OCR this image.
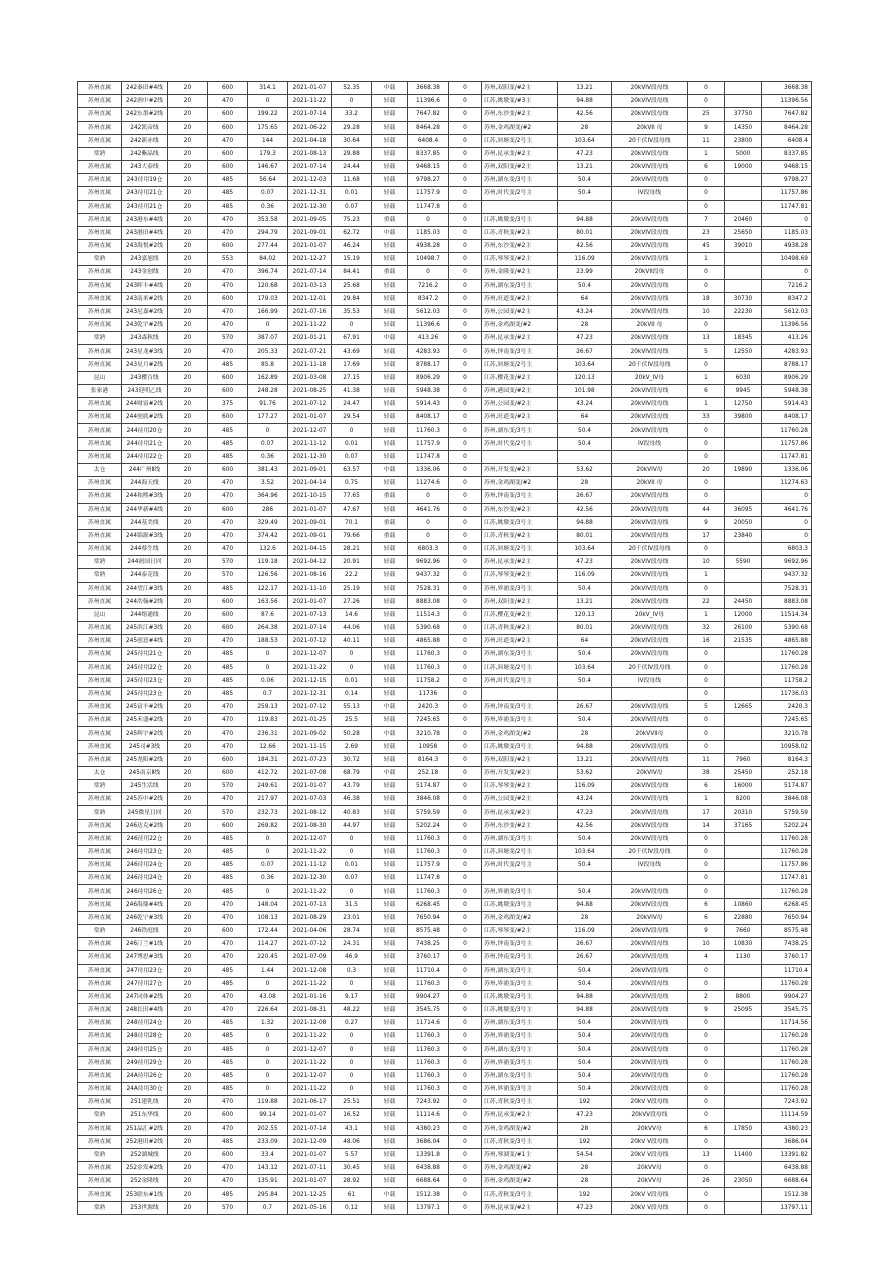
苏州直属	242秦田#4线	20	600	314.1	2021-01-07	52.35	中载	3668.38	0	苏州,双阳变/#2主	13.21	20kVIV段母线	0		3668.38
苏州直属	242润中#2线	20	470	0	2021-11-22	0	轻载	11396.6	0	江苏,姚墩变/#3主	94.88	20kVIV段母线	0		11396.56
苏州直属	242东墨#2线	20	600	199.22	2021-07-14	33.2	轻载	7647.82	0	苏州,东沙变/#2主	42.56	20kVIV段母线	25	37750	7647.82
苏州直属	242凯帝线	20	600	175.65	2021-06-22	29.28	轻载	8464.28	0	苏州,金鸡湖变/#2	28	20kVII 母	9	14350	8464.28
苏州直属	242新赤线	20	470	144	2021-04-18	30.64	轻载	6408.4	0	江苏,斜塘变/2号主	103.64	20千伏IV段母线	11	23800	6408.4
常熟	242紫晶线	20	600	179.3	2021-08-13	29.88	轻载	8337.85	0	苏州,昆承变/#2主	47.23	20kVIV段母线	1	5000	8337.85
苏州直属	243大泰线	20	600	146.67	2021-07-14	24.44	轻载	9468.15	0	苏州,双阳变/#2主	13.21	20kVIV段母线	6	19000	9468.15
苏州直属	243待用19仓	20	485	56.64	2021-12-03	11.68	轻载	9798.27	0	苏州,湖东变/3号主	50.4	20kVIV段母线	0		9798.27
苏州直属	243待用21仓	20	485	0.07	2021-12-31	0.01	轻载	11757.9	0	苏州,时代变/2号主	50.4	IV段母线	0		11757.86
苏州直属	243待用21仓	20	485	0.36	2021-12-30	0.07	轻载	11747.8	0				0		11747.81
苏州直属	243港东#4线	20	470	353.58	2021-09-05	75.23	重载	0	0	江苏,姚墩变/3号主	94.88	20kVIV段母线	7	20460	0
苏州直属	243港田#4线	20	470	294.79	2021-09-01	62.72	中载	1185.03	0	江苏,青秋变/#2主	80.01	20kVIV段母线	23	25650	1185.03
苏州直属	243海悦#2线	20	600	277.44	2021-01-07	46.24	轻载	4938.28	0	苏州,东沙变/#2主	42.56	20kVIV段母线	45	39010	4938.28
常熟	243嘉旭线	20	553	84.02	2021-12-27	15.19	轻载	10498.7	0	江苏,琴琴变/#2主	116.09	20kVIV段母线	1		10498.69
苏州直属	243金创线	20	470	396.74	2021-07-14	84.41	重载	0	0	苏州,金隆变/#2主	23.99	20kVII段母	0		0
苏州直属	243晖丰#4线	20	470	120.68	2021-03-13	25.68	轻载	7216.2	0	苏州,湖东变/3号主	50.4	20kVIV段母线	0		7216.2
苏州直属	243南米#2线	20	600	179.03	2021-12-01	29.84	轻载	8347.2	0	苏州,旺道变/#2主	64	20kVIV段母线	18	30730	8347.2
苏州直属	243尼嘉#2线	20	470	166.99	2021-07-16	35.53	轻载	5612.03	0	苏州,公园变/#2主	43.24	20kVIV段母线	10	22230	5612.03
苏州直属	243乾宇#2线	20	470	0	2021-11-22	0	轻载	11396.6	0	苏州,金鸡湖变/#2	28	20kVII 母	0		11396.56
常熟	243森秋线	20	570	387.07	2021-01-21	67.91	中载	413.26	0	苏州,昆承变/#2主	47.23	20kVIV段母线	13	18345	413.26
苏州直属	243星龙#3线	20	470	205.33	2021-07-21	43.69	轻载	4283.93	0	苏州,钟南变/3号主	26.67	20kVIV段母线	5	12550	4283.93
苏州直属	243星月#2线	20	485	85.8	2021-11-18	17.69	轻载	8788.17	0	江苏,斜塘变/2号主	103.64	20千伏IV段母线	0		8788.17
昆山	243樱百线	20	600	162.89	2021-03-08	27.15	轻载	8906.29	0	江苏,樱花变/#2主	120.13	20kV_IV母	1	6030	8906.29
张家港	243迎明乙线	20	600	248.28	2021-08-25	41.38	轻载	5948.38	0	苏州,港园变/#2主	101.98	20kVIV段母线	6	9945	5948.38
苏州直属	244财富#2线	20	375	91.76	2021-07-12	24.47	轻载	5914.43	0	苏州,公园变/#2主	43.24	20kVIV段母线	1	12750	5914.43
苏州直属	244创底#2线	20	600	177.27	2021-01-07	29.54	轻载	8408.17	0	苏州,旺道变/#2主	64	20kVIV段母线	33	39800	8408.17
苏州直属	244待用20仓	20	485	0	2021-12-07	0	轻载	11760.3	0	苏州,湖东变/3号主	50.4	20kVIV段母线	0		11760.28
苏州直属	244待用21仓	20	485	0.07	2021-11-12	0.01	轻载	11757.9	0	苏州,时代变/2号主	50.4	IV段母线	0		11757.86
苏州直属	244待用22仓	20	485	0.36	2021-12-30	0.07	轻载	11747.8	0				0		11747.81
太仓	244广州Ⅱ线	20	600	381.43	2021-09-01	63.57	中载	1336.06	0	苏州,开发变/#2主	53.62	20kVIV母	20	19890	1336.06
苏州直属	244海天线	20	470	3.52	2021-04-14	0.75	轻载	11274.6	0	苏州,金鸡湖变/#2	28	20kVII 母	0		11274.63
苏州直属	244和熙#3线	20	470	364.96	2021-10-15	77.65	重载	0	0	苏州,钟南变/3号主	26.67	20kVIV段母线	0		0
苏州直属	244华新#4线	20	600	286	2021-01-07	47.67	轻载	4641.76	0	苏州,东沙变/#2主	42.56	20kVIV段母线	44	36095	4641.76
苏州直属	244基美线	20	470	329.49	2021-09-01	70.1	重载	0	0	江苏,姚墩变/3号主	94.88	20kVIV段母线	9	20050	0
苏州直属	244锦源#3线	20	470	374.42	2021-09-01	79.66	重载	0	0	江苏,青秋变/#2主	80.01	20kVIV段母线	17	23840	0
苏州直属	244蔡生线	20	470	132.6	2021-04-15	28.21	轻载	6803.3	0	江苏,斜塘变/2号主	103.64	20千伏IV段母线	0		6803.3
常熟	244润国日回	20	570	119.18	2021-04-12	20.91	轻载	9692.96	0	苏州,昆承变/#2主	47.23	20kVIV段母线	10	5590	9692.96
常熟	244泰克线	20	570	126.56	2021-08-16	22.2	轻载	9437.32	0	江苏,琴琴变/#2主	116.09	20kVIV段母线	1		9437.32
苏州直属	244望江#3线	20	485	122.17	2021-11-10	25.19	轻载	7528.31	0	苏州,界浦变/3号主	50.4	20kVIV段母线	0		7528.31
苏州直属	244浩翰#2线	20	600	163.56	2021-01-07	27.26	轻载	8883.08	0	苏州,双阳变/#2主	13.21	20kVIV段母线	22	24450	8883.08
昆山	244熔通线	20	600	87.6	2021-07-13	14.6	轻载	11514.3	0	江苏,樱花变/#2主	120.13	20kV_IV母	1	12000	11514.34
苏州直属	245滨江#3线	20	600	264.38	2021-07-14	44.06	轻载	5390.68	0	江苏,青秋变/#2主	80.01	20kVIV段母线	32	26100	5390.68
苏州直属	245创意#4线	20	470	188.53	2021-07-12	40.11	轻载	4865.88	0	苏州,旺道变/#2主	64	20kVIV段母线	16	21535	4865.88
苏州直属	245待用21仓	20	485	0	2021-12-07	0	轻载	11760.3	0	苏州,湖东变/3号主	50.4	20kVIV段母线	0		11760.28
苏州直属	245待用22仓	20	485	0	2021-11-22	0	轻载	11760.3	0	江苏,斜塘变/2号主	103.64	20千伏IV段母线	0		11760.28
苏州直属	245待用23仓	20	485	0.06	2021-12-15	0.01	轻载	11758.2	0	苏州,时代变/2号主	50.4	IV段母线	0		11758.2
苏州直属	245待用23仓	20	485	0.7	2021-12-31	0.14	轻载	11736	0				0		11736.03
苏州直属	245富丰#2线	20	470	259.13	2021-07-12	55.13	中载	2420.3	0	苏州,钟南变/3号主	26.67	20kVIV段母线	5	12665	2420.3
苏州直属	245禾盛#2线	20	470	119.83	2021-01-25	25.5	轻载	7245.65	0	苏州,界浦变/3号主	50.4	20kVIV段母线	0		7245.65
苏州直属	245辉宇#2线	20	470	236.31	2021-09-02	50.28	中载	3210.78	0	苏州,金鸡湖变/#2	28	20kVVII母	0		3210.78
苏州直属	245司#3线	20	470	12.66	2021-11-15	2.69	轻载	10958	0	江苏,姚墩变/3号主	94.88	20kVIV段母线	0		10958.02
苏州直属	245尧阳#2线	20	600	184.31	2021-07-23	30.72	轻载	8164.3	0	苏州,双阳变/#2主	13.21	20kVIV段母线	11	7960	8164.3
太仓	245南京Ⅱ线	20	600	412.72	2021-07-08	68.79	中载	252.18	0	苏州,开发变/#2主	53.62	20kVIV母	38	25450	252.18
常熟	245生活线	20	570	249.61	2021-01-07	43.79	轻载	5174.87	0	江苏,琴琴变/#2主	116.09	20kVIV段母线	6	16000	5174.87
苏州直属	245苏中#2线	20	470	217.97	2021-07-03	46.38	轻载	3846.08	0	苏州,公园变/#2主	43.24	20kVIV段母线	1	8200	3846.08
常熟	245微星日回	20	570	232.73	2021-08-12	40.83	轻载	5759.59	0	苏州,昆承变/#2主	47.23	20kVIV段母线	17	20310	5759.59
苏州直属	246达克#2线	20	600	269.82	2021-08-30	44.97	轻载	5202.24	0	苏州,东沙变/#2主	42.56	20kVIV段母线	14	37165	5202.24
苏州直属	246待用22仓	20	485	0	2021-12-07	0	轻载	11760.3	0	苏州,湖东变/3号主	50.4	20kVIV段母线	0		11760.28
苏州直属	246待用23仓	20	485	0	2021-11-22	0	轻载	11760.3	0	江苏,斜塘变/2号主	103.64	20千伏IV段母线	0		11760.28
苏州直属	246待用24仓	20	485	0.07	2021-11-12	0.01	轻载	11757.9	0	苏州,时代变/2号主	50.4	IV段母线	0		11757.86
苏州直属	246待用24仓	20	485	0.36	2021-12-30	0.07	轻载	11747.8	0				0		11747.81
苏州直属	246待用26仓	20	485	0	2021-11-22	0	轻载	11760.3	0	苏州,界浦变/3号主	50.4	20kVIV段母线	0		11760.28
苏州直属	246海鼎#4线	20	470	148.04	2021-07-13	31.5	轻载	6268.45	0	江苏,姚墩变/3号主	94.88	20kVIV段母线	6	10860	6268.45
苏州直属	246乾宁#3线	20	470	108.13	2021-08-29	23.01	轻载	7650.94	0	苏州,金鸡湖变/#2	28	20kVIV母	6	22880	7650.94
常熟	246铁庭线	20	600	172.44	2021-04-06	28.74	轻载	8575.48	0	江苏,琴琴变/#2主	116.09	20kVIV段母线	9	7660	8575.48
苏州直属	246汀兰#1线	20	470	114.27	2021-07-12	24.31	轻载	7438.25	0	苏州,钟南变/3号主	26.67	20kVIV段母线	10	10830	7438.25
苏州直属	247博思#3线	20	470	220.45	2021-07-09	46.9	轻载	3760.17	0	苏州,钟南变/3号主	26.67	20kVIV段母线	4	1130	3760.17
苏州直属	247待用23仓	20	485	1.44	2021-12-08	0.3	轻载	11710.4	0	苏州,湖东变/3号主	50.4	20kVIV段母线	0		11710.4
苏州直属	247待用27仓	20	485	0	2021-11-22	0	轻载	11760.3	0	苏州,界浦变/3号主	50.4	20kVIV段母线	0		11760.28
苏州直属	247同体#2线	20	470	43.08	2021-01-16	9.17	轻载	9904.27	0	江苏,姚墩变/3号主	94.88	20kVIV段母线	2	8800	9904.27
苏州直属	248长田#4线	20	470	226.64	2021-08-31	48.22	轻载	3545.75	0	江苏,姚墩变/3号主	94.88	20kVIV段母线	9	25095	3545.75
苏州直属	248待用24仓	20	485	1.32	2021-12-08	0.27	轻载	11714.6	0	苏州,湖东变/3号主	50.4	20kVIV段母线	0		11714.56
苏州直属	248待用28仓	20	485	0	2021-11-22	0	轻载	11760.3	0	苏州,界浦变/3号主	50.4	20kVIV段母线	0		11760.28
苏州直属	249待用25仓	20	485	0	2021-12-07	0	轻载	11760.3	0	苏州,湖东变/3号主	50.4	20kVIV段母线	0		11760.28
苏州直属	249待用29仓	20	485	0	2021-11-22	0	轻载	11760.3	0	苏州,界浦变/3号主	50.4	20kVIV段母线	0		11760.28
苏州直属	24A待用26仓	20	485	0	2021-12-07	0	轻载	11760.3	0	苏州,湖东变/3号主	50.4	20kVIV段母线	0		11760.28
苏州直属	24A待用30仓	20	485	0	2021-11-22	0	轻载	11760.3	0	苏州,界浦变/3号主	50.4	20kVIV段母线	0		11760.28
苏州直属	251建乳线	20	470	119.88	2021-06-17	25.51	轻载	7243.92	0	江苏,青秋变/3号主	192	20kV V段母线	0		7243.92
常熟	251东华线	20	600	99.14	2021-01-07	16.52	轻载	11114.6	0	苏州,昆承变/#2主	47.23	20kVV段母线	0		11114.59
苏州直属	251晶汇#2线	20	470	202.55	2021-07-14	43.1	轻载	4380.23	0	苏州,金鸡湖变/#2	28	20kVV母	6	17850	4380.23
苏州直属	252港田#2线	20	485	233.09	2021-12-09	48.06	轻载	3686.04	0	江苏,青秋变/3号主	192	20kV V段母线	0		3686.04
常熟	252湖城线	20	600	33.4	2021-01-07	5.57	轻载	13391.8	0	苏州,琴湖变/#1主	54.54	20kV V段母线	13	11400	13391.82
苏州直属	252金发#2线	20	470	143.12	2021-07-11	30.45	轻载	6438.88	0	苏州,金鸡湖变/#2	28	20kVV母	0		6438.88
苏州直属	252金隆线	20	470	135.91	2021-01-07	28.92	轻载	6688.64	0	苏州,金鸡湖变/#2	28	20kVV母	26	23050	6688.64
苏州直属	253联东#1线	20	485	295.84	2021-12-25	61	中载	1512.38	0	江苏,青秋变/3号主	192	20kV V段母线	0		1512.38
常熟	253世源线	20	570	0.7	2021-05-16	0.12	轻载	13797.1	0	苏州,昆承变/#2主	47.23	20kV V段母线	0		13797.11
